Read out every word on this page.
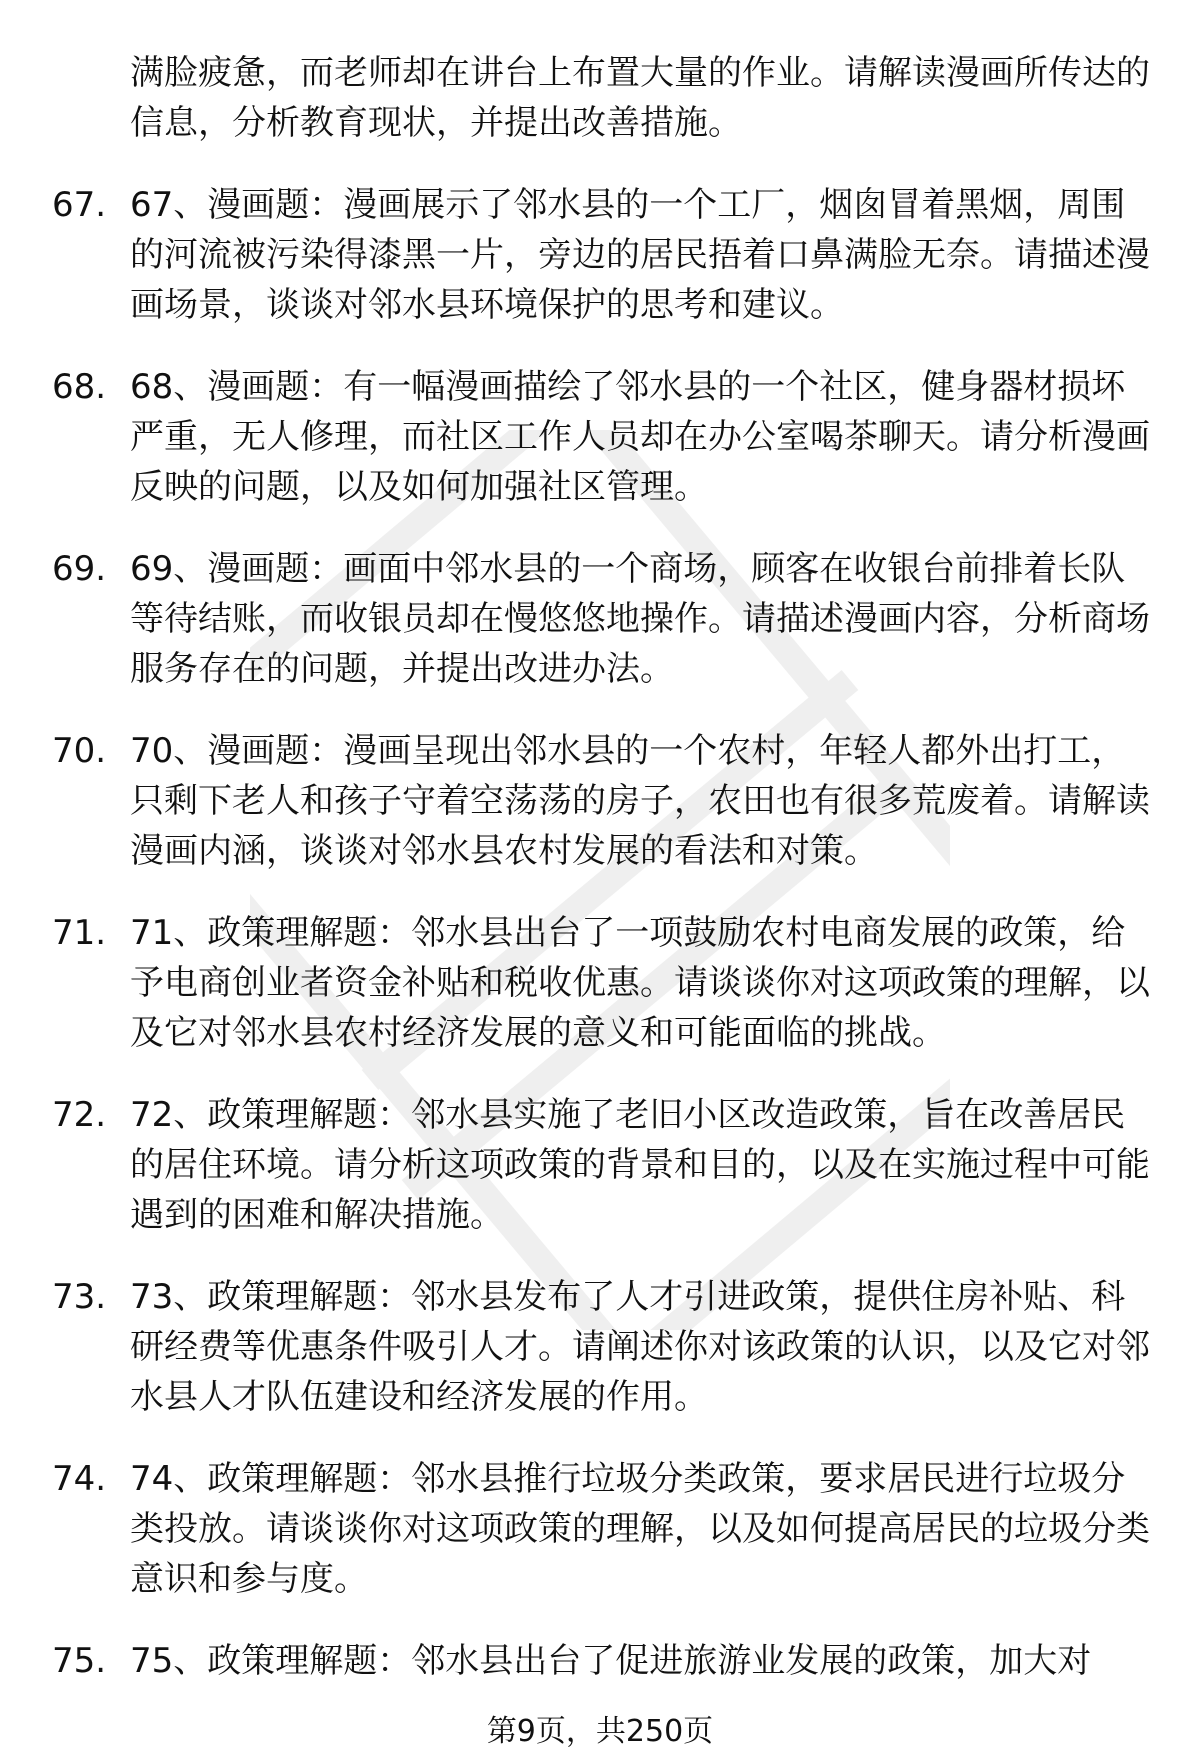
满脸疲惫，而老师却在讲台上布置大量的作业。请解读漫画所传达的信息，分析教育现状，并提出改善措施。
67. 67、漫画题：漫画展示了邻水县的一个工厂，烟囱冒着黑烟，周围的河流被污染得漆黑一片，旁边的居民捂着口鼻满脸无奈。请描述漫画场景，谈谈对邻水县环境保护的思考和建议。
68. 68、漫画题：有一幅漫画描绘了邻水县的一个社区，健身器材损坏严重，无人修理，而社区工作人员却在办公室喝茶聊天。请分析漫画反映的问题，以及如何加强社区管理。
69. 69、漫画题：画面中邻水县的一个商场，顾客在收银台前排着长队等待结账，而收银员却在慢悠悠地操作。请描述漫画内容，分析商场服务存在的问题，并提出改进办法。
70. 70、漫画题：漫画呈现出邻水县的一个农村，年轻人都外出打工，只剩下老人和孩子守着空荡荡的房子，农田也有很多荒废着。请解读漫画内涵，谈谈对邻水县农村发展的看法和对策。
71. 71、政策理解题：邻水县出台了一项鼓励农村电商发展的政策，给予电商创业者资金补贴和税收优惠。请谈谈你对这项政策的理解，以及它对邻水县农村经济发展的意义和可能面临的挑战。
72. 72、政策理解题：邻水县实施了老旧小区改造政策，旨在改善居民的居住环境。请分析这项政策的背景和目的，以及在实施过程中可能遇到的困难和解决措施。
73. 73、政策理解题：邻水县发布了人才引进政策，提供住房补贴、科研经费等优惠条件吸引人才。请阐述你对该政策的认识，以及它对邻水县人才队伍建设和经济发展的作用。
74. 74、政策理解题：邻水县推行垃圾分类政策，要求居民进行垃圾分类投放。请谈谈你对这项政策的理解，以及如何提高居民的垃圾分类意识和参与度。
75. 75、政策理解题：邻水县出台了促进旅游业发展的政策，加大对
第9页，共250页
